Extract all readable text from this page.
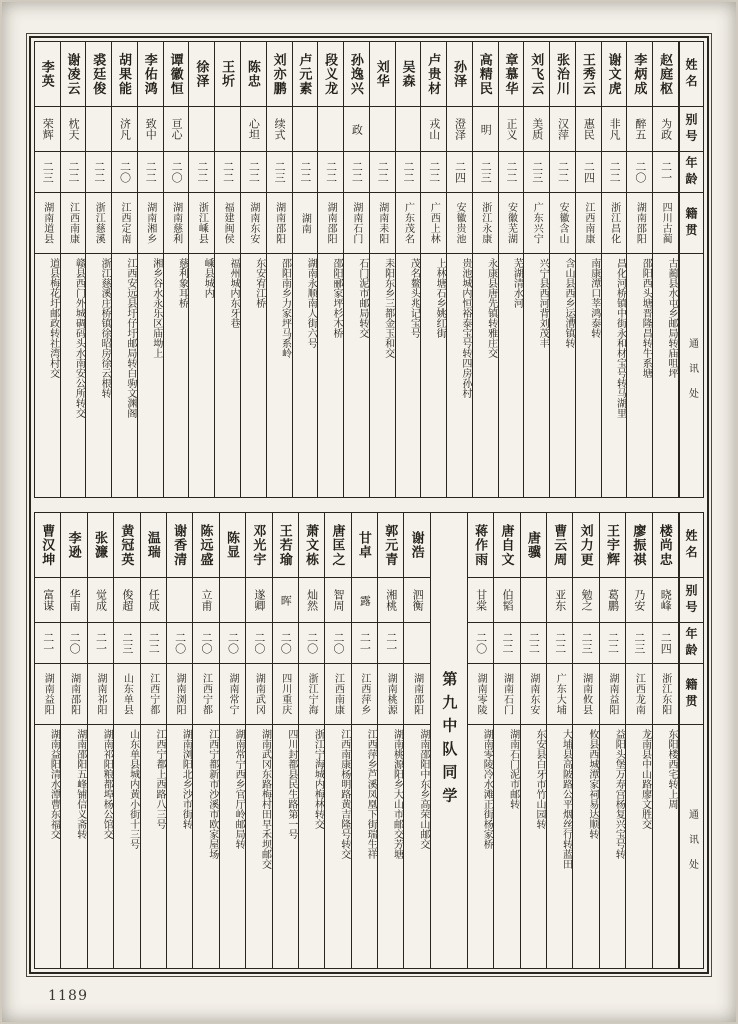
姓名
别号
年龄
籍贯
通讯处
赵庭枢
为政
二一
四川古蔺
古蔺县水屯乡邮局转庙咀坪
李炳成
醉五
二〇
湖南邵阳
邵阳西头塘晋隆昌转牛系塘
谢文虎
非凡
二二
浙江昌化
昌化河桥镇中街永和材宝号转马湖里
王秀云
惠民
二四
江西南康
南康潭口莘鸿泰转
张治川
汉萍
二二
安徽含山
含山县西乡运漕镇转
刘飞云
美质
二三
广东兴宁
兴宁县西河背刘茂丰
章慕华
正义
二二
安徽芜湖
芜湖清水河
高精民
明
二三
浙江永康
永康县唐先镇转雅庄交
孙泽
澄泽
二四
安徽贵池
贵池城内恒裕泰宝号转四房孙村
卢贵材
戎山
二二
广西上林
上林塘石乡姚红街
吴森
二二
广东茂名
茂名鳌头兆记宝号
刘华
二二
湖南耒阳
耒阳东乡三都金玉和交
孙逸兴
政
二二
湖南石门
石门泥市邮局转交
段义龙
二二
湖南邵阳
邵阳郦家坪杉木桥
卢元素
二二
湖南
湖南永顺南人街六号
刘亦鹏
续式
二三
湖南邵阳
邵阳南乡力家坪马系岭
陈忠
心坦
二二
湖南东安
东安宥江桥
王圻
二二
福建闽侯
福州城内东牙巷
徐泽
二二
浙江嵊县
嵊县城内
谭徽恒
亘心
二〇
湖南慈利
慈利象耳桥
李佑鸿
致中
二二
湖南湘乡
湘乡谷水永乐区庙坳上
胡果能
济凡
二〇
江西定南
江西安远县圩仔圩邮局转白驹文渊阁
裘廷俊
二二
浙江慈溪
浙江慈溪庄桥镇徐昭房徐云根转
谢凌云
枕天
二二
江西南康
赣县西门外城碉码头水南安公所转交
李英
荣辉
二三
湖南道县
道县梅花圩邮政转社湾村交
姓名
别号
年龄
籍贯
通讯处
楼尚忠
晓峰
二四
浙江东阳
东阳楼西宅转上周
廖振祺
乃安
二三
江西龙南
龙南县中山路廖文胜交
王宇辉
葛鹏
二二
湖南益阳
益阳头堡万寿宫杨复兴宝号转
刘力更
勉之
二三
湖南攸县
攸县西城潭家祠易达顺转
曹云周
亚东
二二
广东大埔
大埔县高陂路公平烟丝行转蓝田
唐骥
二二
湖南东安
东安县白牙市竹山园转
唐自文
伯韬
二二
湖南石门
湖南石门泥市邮转
蒋作雨
甘棠
二〇
湖南零陵
湖南零陵冷水滩正街杨家桥
第九中队同学
谢浩
泗衡
湖南邵阳
湖南邵阳中东乡高荣山邮交
郭元青
湘桃
二一
湖南桃源
湖南桃源阳乡大山市邮交芳塘
甘卓
露
二一
江西萍乡
江西萍乡芦溪凤凰下街瑞生祥
唐匡之
智周
二〇
江西南康
江西南康杨明路黄吉隆号转交
萧文栋
灿然
二〇
浙江宁海
浙江宁海城内梅林转交
王若瑜
晖
二〇
四川重庆
四川封都县民生路第一号
邓光宇
遂卿
二〇
湖南武冈
湖南武冈东路梅村田早禾坝邮交
陈显
二〇
湖南常宁
湖南常宁西乡官厅岭邮局转
陈远盛
立甫
二〇
江西宁都
江西宁都新市沙溪市欧家屋场
谢香清
二〇
湖南浏阳
湖南浏阳北乡沙市街转
温瑞
任成
二二
江西宁都
江西宁都上西路八三号
黄冠英
俊超
二三
山东单县
山东单县城内黄小街十三号
张濂
觉成
二一
湖南祁阳
湖南祁阳粮都埠杨公馆交
李逊
华南
二〇
湖南邵阳
湖南邵阳五峰铺信义斋转
曹汉坤
富谋
二一
湖南益阳
湖南益阳清水潭曹东福交
1189
